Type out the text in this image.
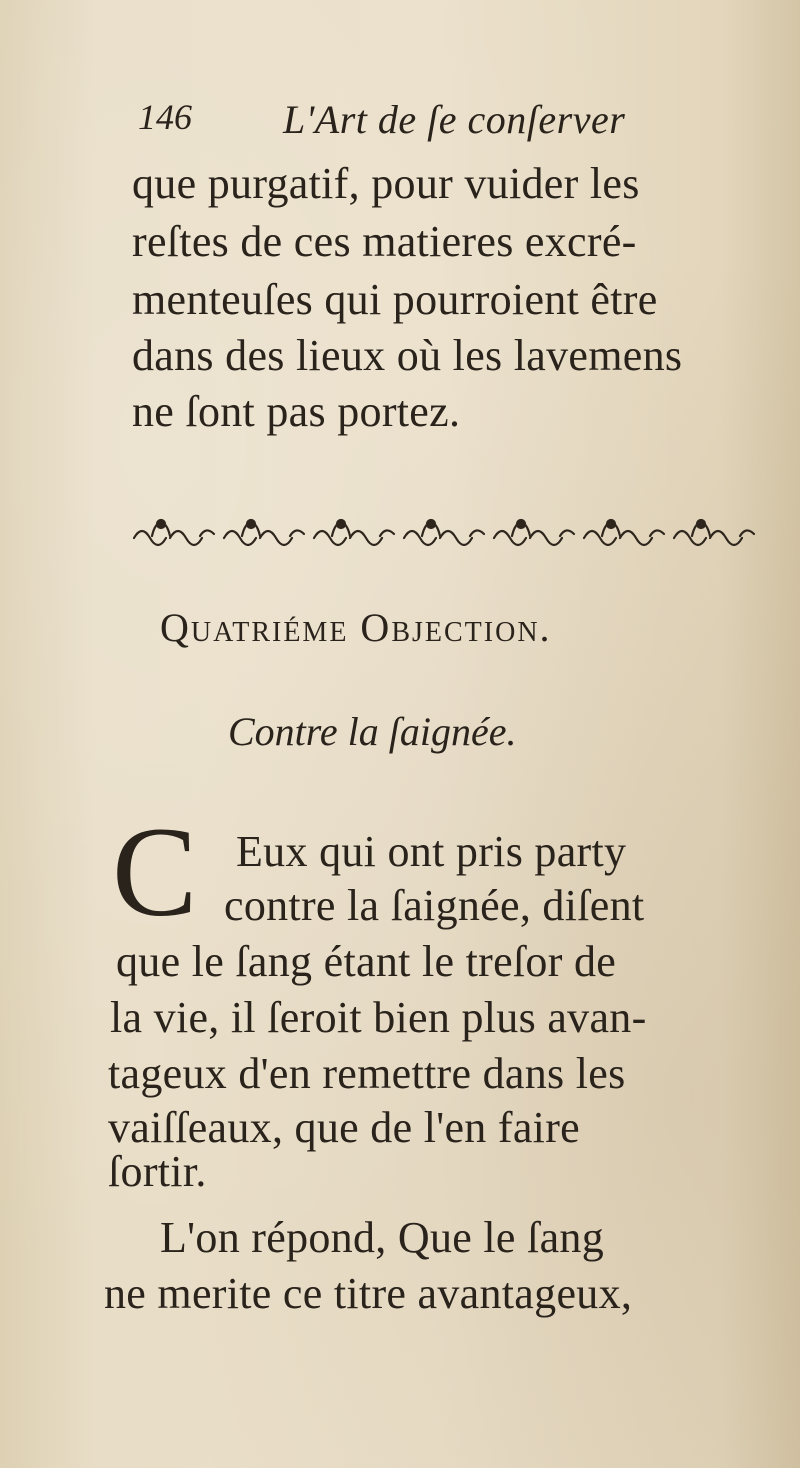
146 L'Art de ſe conſerver
que purgatif, pour vuider les
reſtes de ces matieres excré-
menteuſes qui pourroient être
dans des lieux où les lavemens
ne ſont pas portez.
Quatriéme Objection.
Contre la ſaignée.
C Eux qui ont pris party
contre la ſaignée, diſent
que le ſang étant le treſor de
la vie, il ſeroit bien plus avan-
tageux d'en remettre dans les
vaiſſeaux, que de l'en faire
ſortir.
L'on répond, Que le ſang
ne merite ce titre avantageux,
